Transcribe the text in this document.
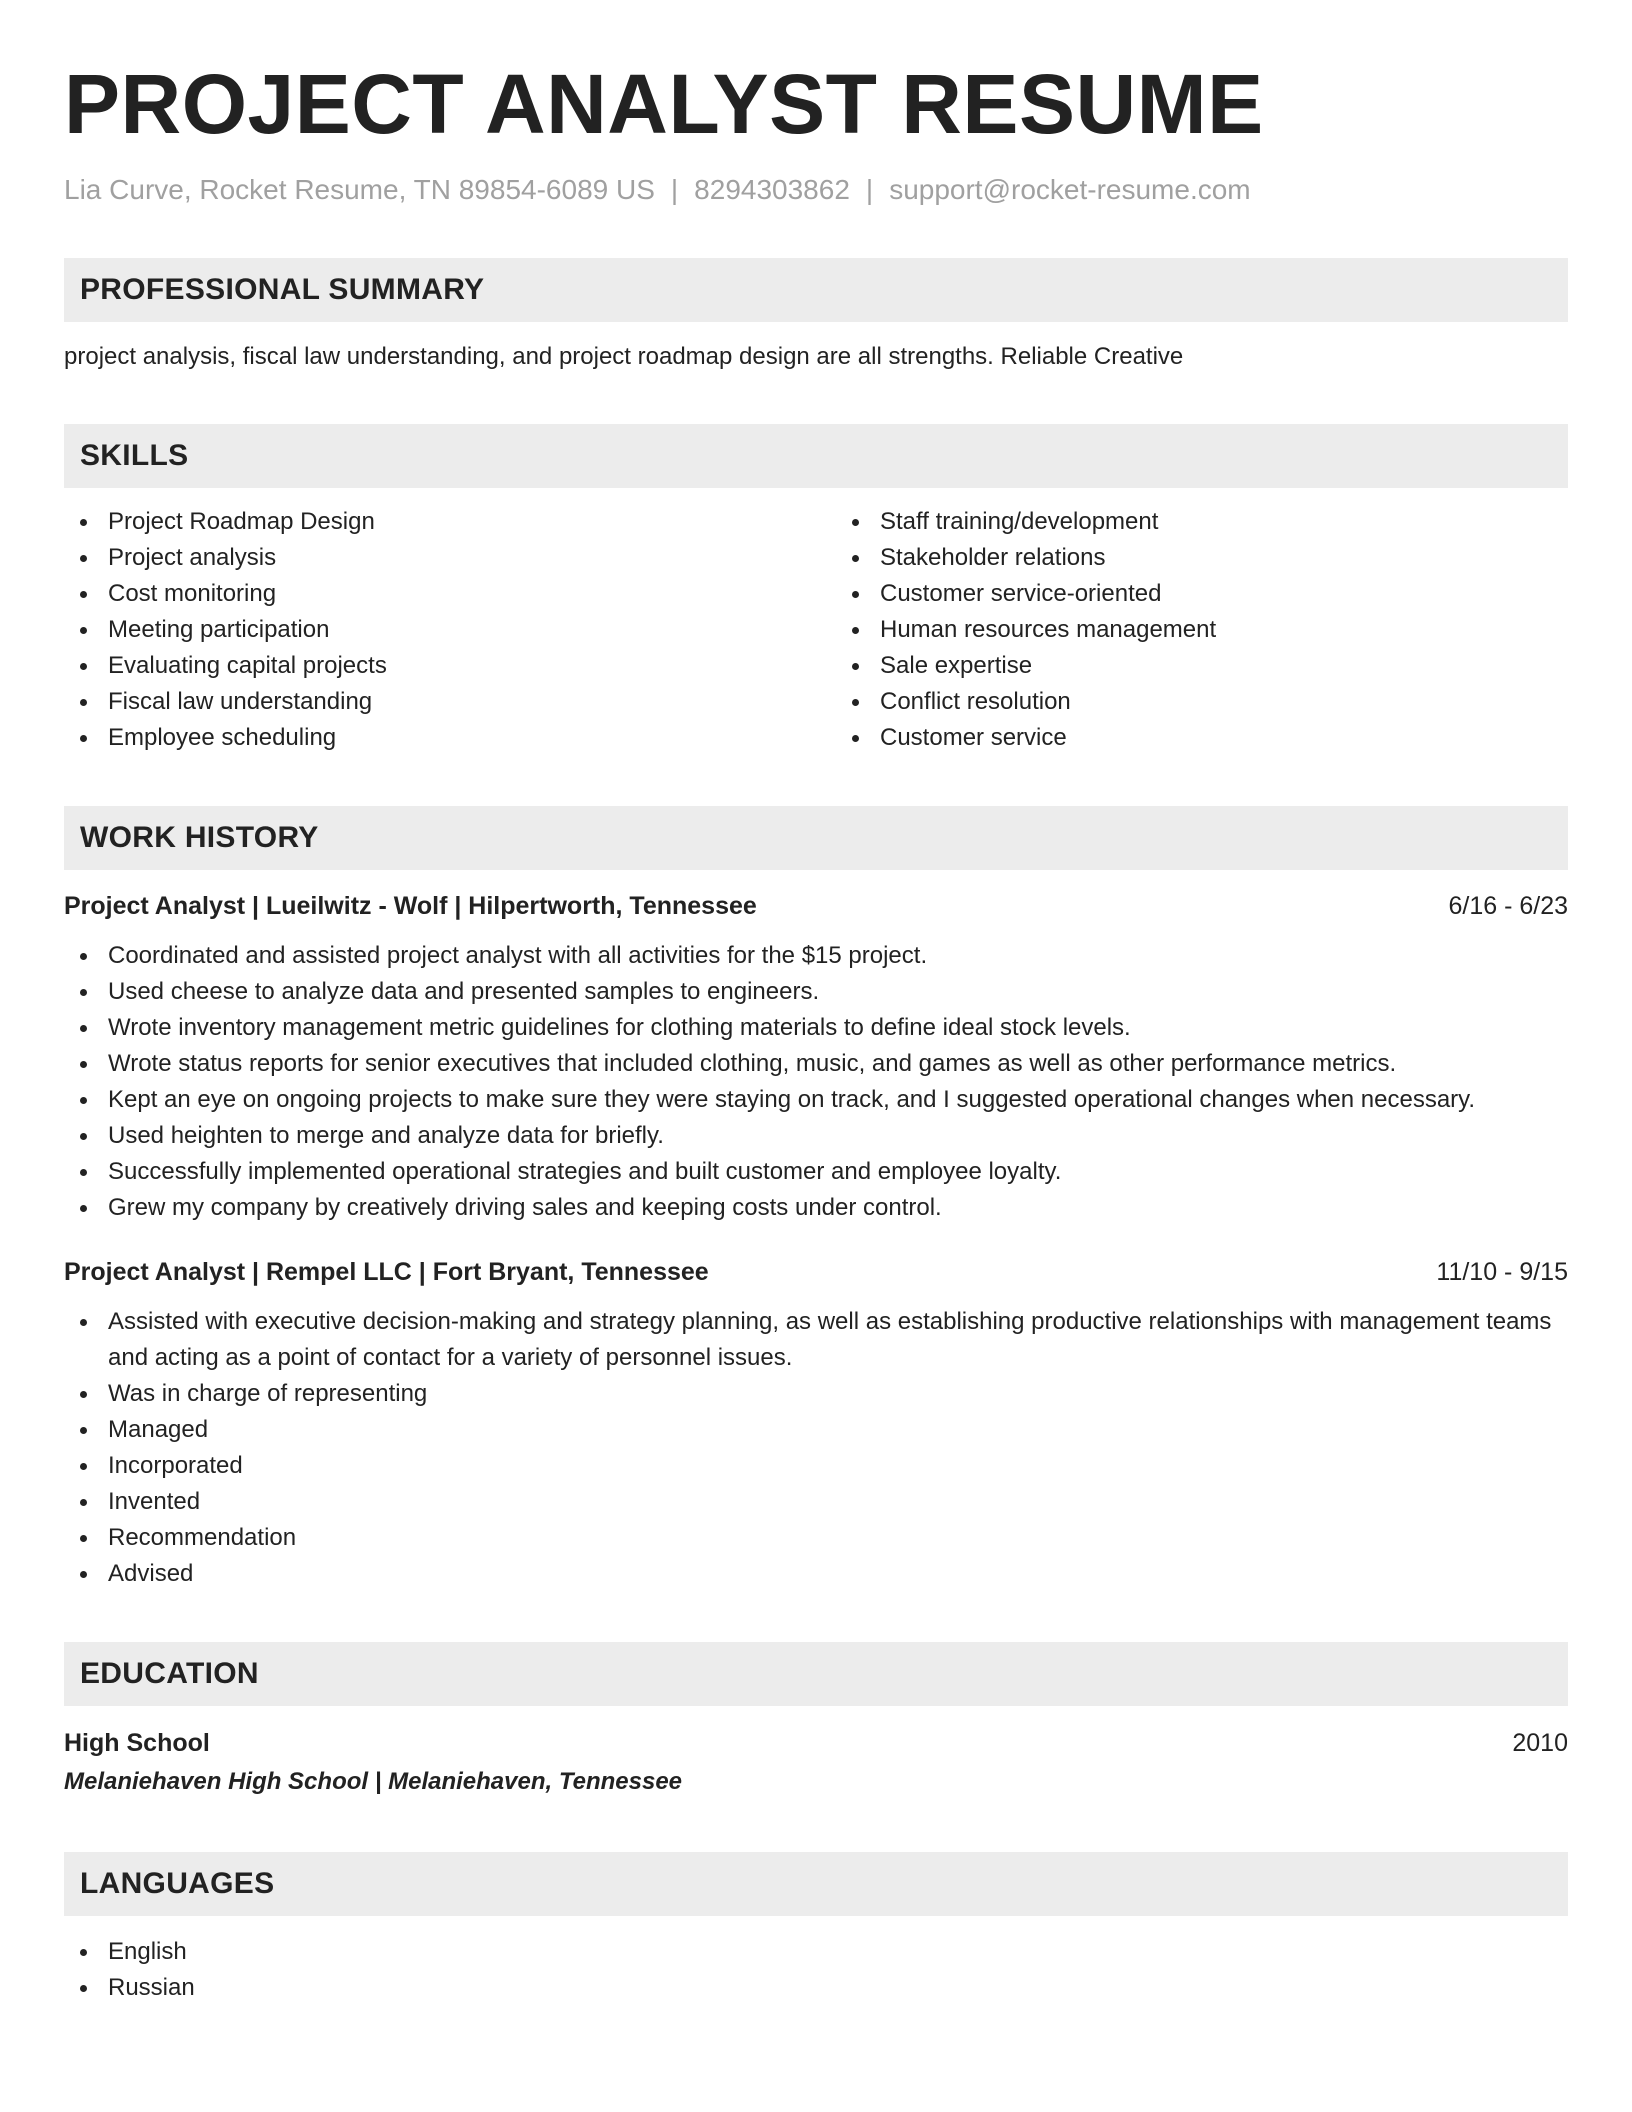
PROJECT ANALYST RESUME
Lia Curve, Rocket Resume, TN 89854-6089 US | 8294303862 | support@rocket-resume.com
PROFESSIONAL SUMMARY

project analysis, fiscal law understanding, and project roadmap design are all strengths. Reliable Creative

SKILLS
Project Roadmap Design
Project analysis
Cost monitoring
Meeting participation
Evaluating capital projects
Fiscal law understanding
Employee scheduling
Staff training/development
Stakeholder relations
Customer service-oriented
Human resources management
Sale expertise
Conflict resolution
Customer service
WORK HISTORY
Project Analyst | Lueilwitz - Wolf | Hilpertworth, Tennessee	6/16 - 6/23
Coordinated and assisted project analyst with all activities for the $15 project.
Used cheese to analyze data and presented samples to engineers.
Wrote inventory management metric guidelines for clothing materials to define ideal stock levels.
Wrote status reports for senior executives that included clothing, music, and games as well as other performance metrics.
Kept an eye on ongoing projects to make sure they were staying on track, and I suggested operational changes when necessary.
Used heighten to merge and analyze data for briefly.
Successfully implemented operational strategies and built customer and employee loyalty.
Grew my company by creatively driving sales and keeping costs under control.
Project Analyst | Rempel LLC | Fort Bryant, Tennessee	11/10 - 9/15
Assisted with executive decision-making and strategy planning, as well as establishing productive relationships with management teams and acting as a point of contact for a variety of personnel issues.
Was in charge of representing
Managed
Incorporated
Invented
Recommendation
Advised
EDUCATION
High School	2010
Melaniehaven High School | Melaniehaven, Tennessee
LANGUAGES
English
Russian
